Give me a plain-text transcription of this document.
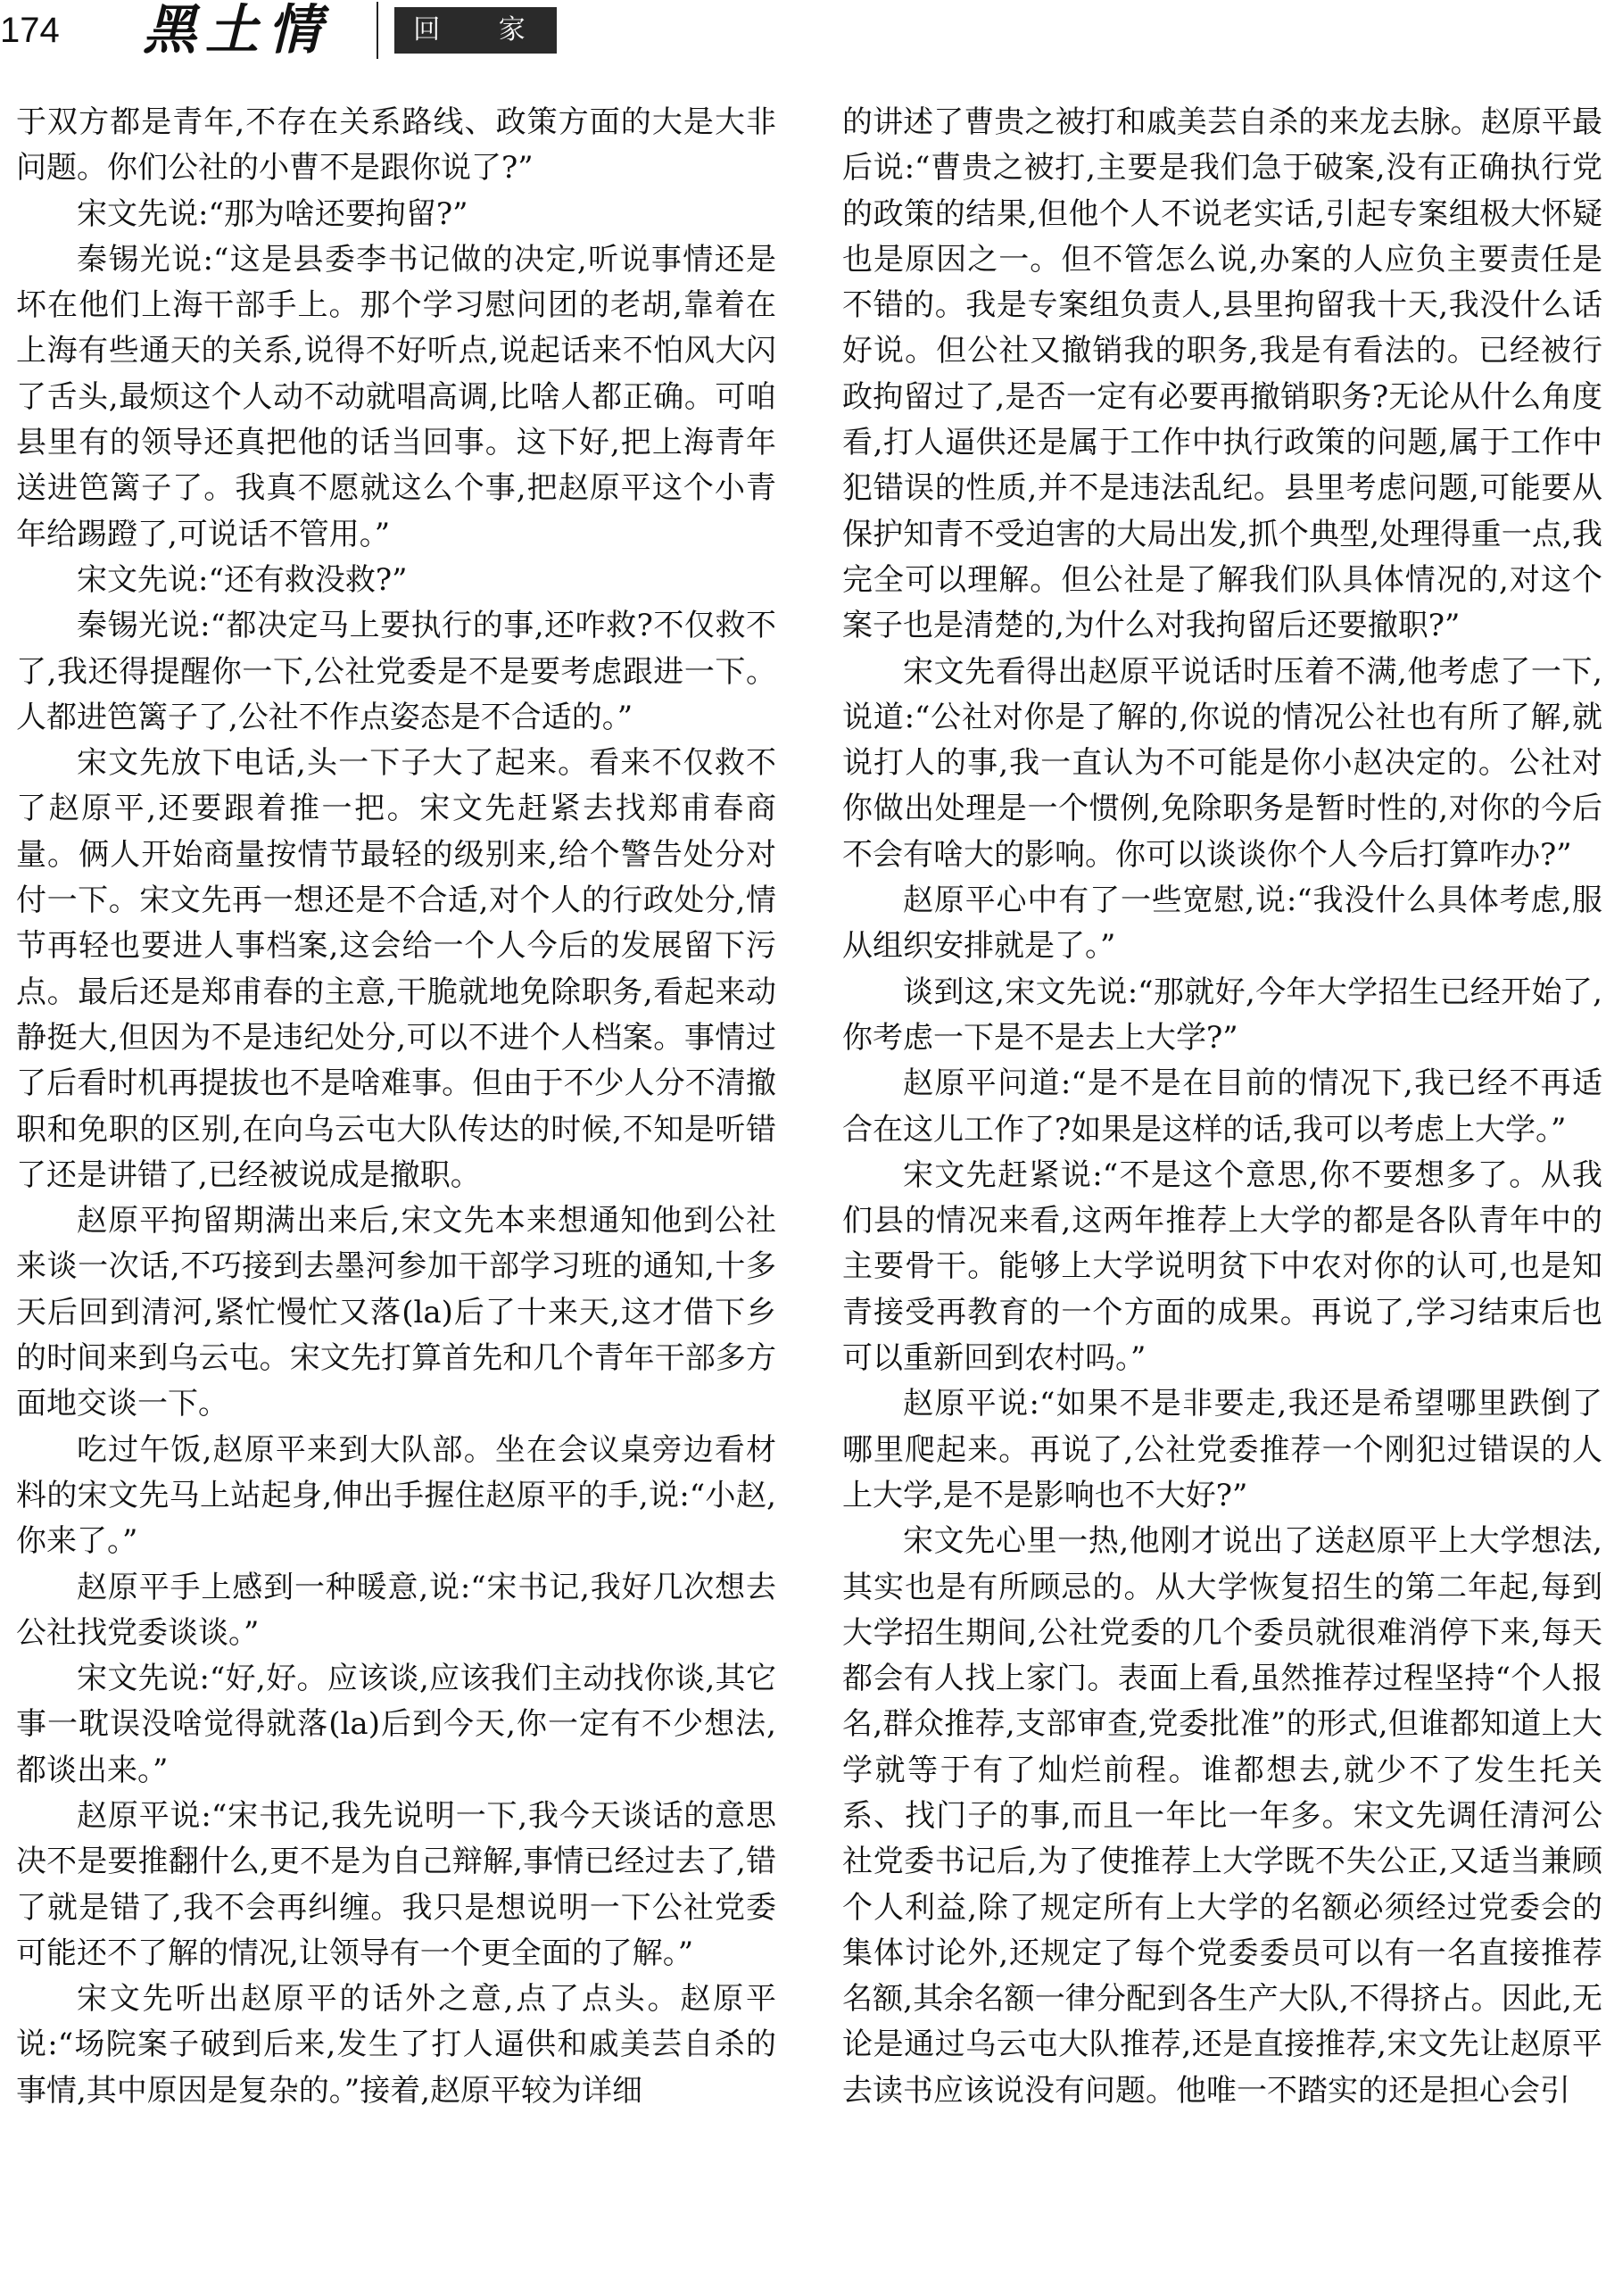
174 黑土情	回 家

于双方都是青年,不存在关系路线、政策方面的大是大非问题。你们公社的小曹不是跟你说了?”

宋文先说:“那为啥还要拘留?”

秦锡光说:“这是县委李书记做的决定,听说事情还是坏在他们上海干部手上。那个学习慰问团的老胡,靠着在上海有些通天的关系,说得不好听点,说起话来不怕风大闪了舌头,最烦这个人动不动就唱高调,比啥人都正确。可咱县里有的领导还真把他的话当回事。这下好,把上海青年送进笆篱子了。我真不愿就这么个事,把赵原平这个小青年给踢蹬了,可说话不管用。”

宋文先说:“还有救没救?”

秦锡光说:“都决定马上要执行的事,还咋救?不仅救不了,我还得提醒你一下,公社党委是不是要考虑跟进一下。人都进笆篱子了,公社不作点姿态是不合适的。”

宋文先放下电话,头一下子大了起来。看来不仅救不了赵原平,还要跟着推一把。宋文先赶紧去找郑甫春商量。俩人开始商量按情节最轻的级别来,给个警告处分对付一下。宋文先再一想还是不合适,对个人的行政处分,情节再轻也要进人事档案,这会给一个人今后的发展留下污点。最后还是郑甫春的主意,干脆就地免除职务,看起来动静挺大,但因为不是违纪处分,可以不进个人档案。事情过了后看时机再提拔也不是啥难事。但由于不少人分不清撤职和免职的区别,在向乌云屯大队传达的时候,不知是听错了还是讲错了,已经被说成是撤职。

赵原平拘留期满出来后,宋文先本来想通知他到公社来谈一次话,不巧接到去墨河参加干部学习班的通知,十多天后回到清河,紧忙慢忙又落(la)后了十来天,这才借下乡的时间来到乌云屯。宋文先打算首先和几个青年干部多方面地交谈一下。

吃过午饭,赵原平来到大队部。坐在会议桌旁边看材料的宋文先马上站起身,伸出手握住赵原平的手,说:“小赵,你来了。”

赵原平手上感到一种暖意,说:“宋书记,我好几次想去公社找党委谈谈。”

宋文先说:“好,好。应该谈,应该我们主动找你谈,其它事一耽误没啥觉得就落(la)后到今天,你一定有不少想法,都谈出来。”

赵原平说:“宋书记,我先说明一下,我今天谈话的意思决不是要推翻什么,更不是为自己辩解,事情已经过去了,错了就是错了,我不会再纠缠。我只是想说明一下公社党委可能还不了解的情况,让领导有一个更全面的了解。”

宋文先听出赵原平的话外之意,点了点头。赵原平说:“场院案子破到后来,发生了打人逼供和戚美芸自杀的事情,其中原因是复杂的。”接着,赵原平较为详细

的讲述了曹贵之被打和戚美芸自杀的来龙去脉。赵原平最后说:“曹贵之被打,主要是我们急于破案,没有正确执行党的政策的结果,但他个人不说老实话,引起专案组极大怀疑也是原因之一。但不管怎么说,办案的人应负主要责任是不错的。我是专案组负责人,县里拘留我十天,我没什么话好说。但公社又撤销我的职务,我是有看法的。已经被行政拘留过了,是否一定有必要再撤销职务?无论从什么角度看,打人逼供还是属于工作中执行政策的问题,属于工作中犯错误的性质,并不是违法乱纪。县里考虑问题,可能要从保护知青不受迫害的大局出发,抓个典型,处理得重一点,我完全可以理解。但公社是了解我们队具体情况的,对这个案子也是清楚的,为什么对我拘留后还要撤职?”

宋文先看得出赵原平说话时压着不满,他考虑了一下,说道:“公社对你是了解的,你说的情况公社也有所了解,就说打人的事,我一直认为不可能是你小赵决定的。公社对你做出处理是一个惯例,免除职务是暂时性的,对你的今后不会有啥大的影响。你可以谈谈你个人今后打算咋办?”

赵原平心中有了一些宽慰,说:“我没什么具体考虑,服从组织安排就是了。”

谈到这,宋文先说:“那就好,今年大学招生已经开始了,你考虑一下是不是去上大学?”

赵原平问道:“是不是在目前的情况下,我已经不再适合在这儿工作了?如果是这样的话,我可以考虑上大学。”

宋文先赶紧说:“不是这个意思,你不要想多了。从我们县的情况来看,这两年推荐上大学的都是各队青年中的主要骨干。能够上大学说明贫下中农对你的认可,也是知青接受再教育的一个方面的成果。再说了,学习结束后也可以重新回到农村吗。”

赵原平说:“如果不是非要走,我还是希望哪里跌倒了哪里爬起来。再说了,公社党委推荐一个刚犯过错误的人上大学,是不是影响也不大好?”

宋文先心里一热,他刚才说出了送赵原平上大学想法,其实也是有所顾忌的。从大学恢复招生的第二年起,每到大学招生期间,公社党委的几个委员就很难消停下来,每天都会有人找上家门。表面上看,虽然推荐过程坚持“个人报名,群众推荐,支部审查,党委批准”的形式,但谁都知道上大学就等于有了灿烂前程。谁都想去,就少不了发生托关系、找门子的事,而且一年比一年多。宋文先调任清河公社党委书记后,为了使推荐上大学既不失公正,又适当兼顾个人利益,除了规定所有上大学的名额必须经过党委会的集体讨论外,还规定了每个党委委员可以有一名直接推荐名额,其余名额一律分配到各生产大队,不得挤占。因此,无论是通过乌云屯大队推荐,还是直接推荐,宋文先让赵原平去读书应该说没有问题。他唯一不踏实的还是担心会引
